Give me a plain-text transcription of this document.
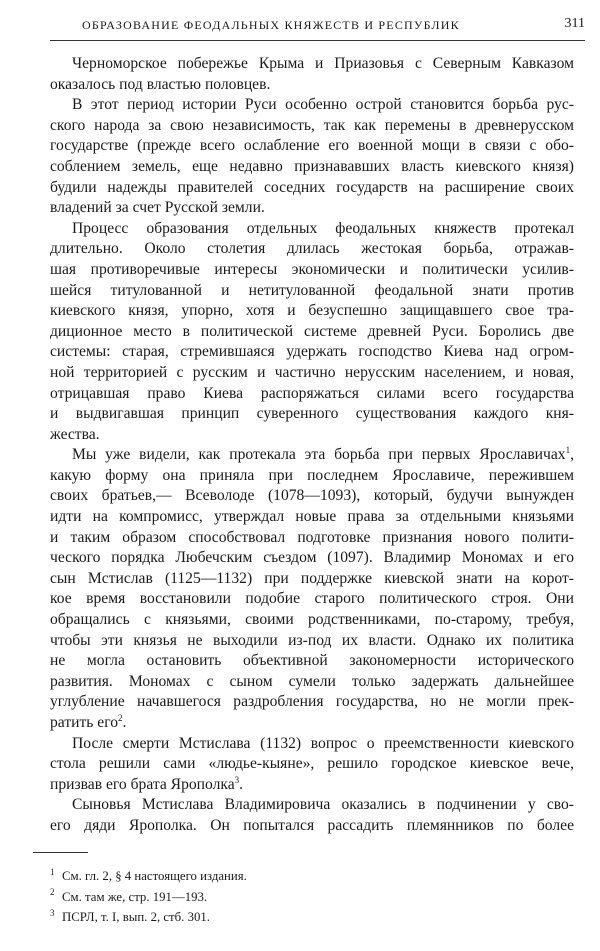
ОБРАЗОВАНИЕ ФЕОДАЛЬНЫХ КНЯЖЕСТВ И РЕСПУБЛИК	311
Черноморское побережье Крыма и Приазовья с Северным Кавказом
оказалось под властью половцев.
В этот период истории Руси особенно острой становится борьба рус-
ского народа за свою независимость, так как перемены в древнерусском
государстве (прежде всего ослабление его военной мощи в связи с обо-
соблением земель, еще недавно признававших власть киевского князя)
будили надежды правителей соседних государств на расширение своих
владений за счет Русской земли.
Процесс образования отдельных феодальных княжеств протекал
длительно. Около столетия длилась жестокая борьба, отражав-
шая противоречивые интересы экономически и политически усилив-
шейся титулованной и нетитулованной феодальной знати против
киевского князя, упорно, хотя и безуспешно защищавшего свое тра-
диционное место в политической системе древней Руси. Боролись две
системы: старая, стремившаяся удержать господство Киева над огром-
ной территорией с русским и частично нерусским населением, и новая,
отрицавшая право Киева распоряжаться силами всего государства
и выдвигавшая принцип суверенного существования каждого кня-
жества.
Мы уже видели, как протекала эта борьба при первых Ярославичах$^1$,
какую форму она приняла при последнем Ярославиче, пережившем
своих братьев,— Всеволоде (1078—1093), который, будучи вынужден
идти на компромисс, утверждал новые права за отдельными князьями
и таким образом способствовал подготовке признания нового полити-
ческого порядка Любечским съездом (1097). Владимир Мономах и его
сын Мстислав (1125—1132) при поддержке киевской знати на корот-
кое время восстановили подобие старого политического строя. Они
обращались с князьями, своими родственниками, по-старому, требуя,
чтобы эти князья не выходили из-под их власти. Однако их политика
не могла остановить объективной закономерности исторического
развития. Мономах с сыном сумели только задержать дальнейшее
углубление начавшегося раздробления государства, но не могли прек-
ратить его$^2$.
После смерти Мстислава (1132) вопрос о преемственности киевского
стола решили сами «людье-кыяне», решило городское киевское вече,
призвав его брата Ярополка$^3$.
Сыновья Мстислава Владимировича оказались в подчинении у сво-
его дяди Ярополка. Он попытался рассадить племянников по более
1 См. гл. 2, § 4 настоящего издания.
2 См. там же, стр. 191—193.
3 ПСРЛ, т. I, вып. 2, стб. 301.
